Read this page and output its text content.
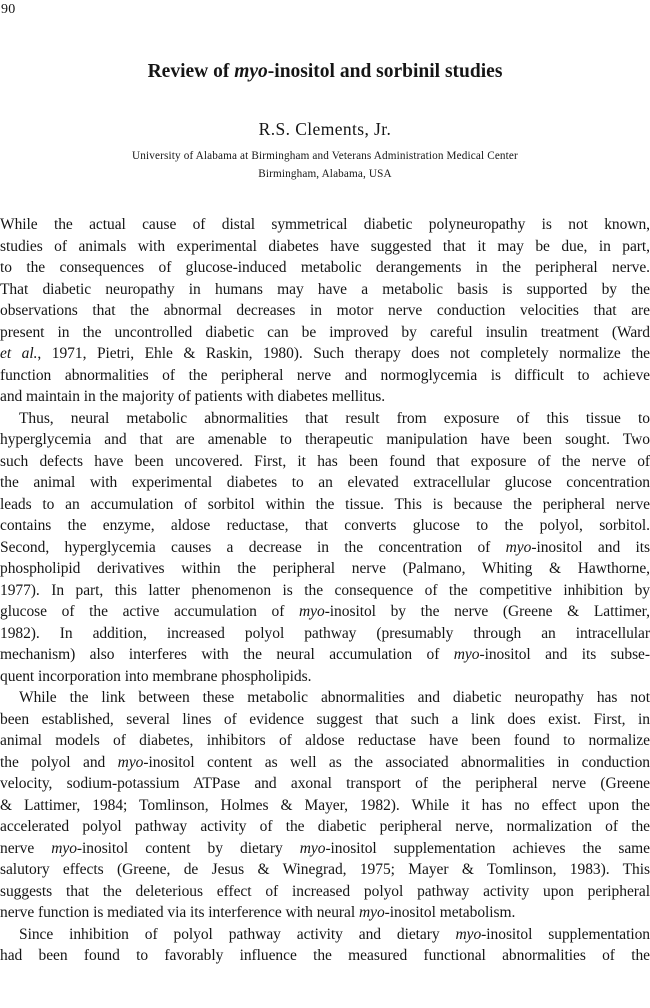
90
Review of myo-inositol and sorbinil studies
R.S. Clements, Jr.
University of Alabama at Birmingham and Veterans Administration Medical Center
Birmingham, Alabama, USA
While the actual cause of distal symmetrical diabetic polyneuropathy is not known,
studies of animals with experimental diabetes have suggested that it may be due, in part,
to the consequences of glucose-induced metabolic derangements in the peripheral nerve.
That diabetic neuropathy in humans may have a metabolic basis is supported by the
observations that the abnormal decreases in motor nerve conduction velocities that are
present in the uncontrolled diabetic can be improved by careful insulin treatment (Ward
et al., 1971, Pietri, Ehle & Raskin, 1980). Such therapy does not completely normalize the
function abnormalities of the peripheral nerve and normoglycemia is difficult to achieve
and maintain in the majority of patients with diabetes mellitus.
Thus, neural metabolic abnormalities that result from exposure of this tissue to
hyperglycemia and that are amenable to therapeutic manipulation have been sought. Two
such defects have been uncovered. First, it has been found that exposure of the nerve of
the animal with experimental diabetes to an elevated extracellular glucose concentration
leads to an accumulation of sorbitol within the tissue. This is because the peripheral nerve
contains the enzyme, aldose reductase, that converts glucose to the polyol, sorbitol.
Second, hyperglycemia causes a decrease in the concentration of myo-inositol and its
phospholipid derivatives within the peripheral nerve (Palmano, Whiting & Hawthorne,
1977). In part, this latter phenomenon is the consequence of the competitive inhibition by
glucose of the active accumulation of myo-inositol by the nerve (Greene & Lattimer,
1982). In addition, increased polyol pathway (presumably through an intracellular
mechanism) also interferes with the neural accumulation of myo-inositol and its subse-
quent incorporation into membrane phospholipids.
While the link between these metabolic abnormalities and diabetic neuropathy has not
been established, several lines of evidence suggest that such a link does exist. First, in
animal models of diabetes, inhibitors of aldose reductase have been found to normalize
the polyol and myo-inositol content as well as the associated abnormalities in conduction
velocity, sodium-potassium ATPase and axonal transport of the peripheral nerve (Greene
& Lattimer, 1984; Tomlinson, Holmes & Mayer, 1982). While it has no effect upon the
accelerated polyol pathway activity of the diabetic peripheral nerve, normalization of the
nerve myo-inositol content by dietary myo-inositol supplementation achieves the same
salutory effects (Greene, de Jesus & Winegrad, 1975; Mayer & Tomlinson, 1983). This
suggests that the deleterious effect of increased polyol pathway activity upon peripheral
nerve function is mediated via its interference with neural myo-inositol metabolism.
Since inhibition of polyol pathway activity and dietary myo-inositol supplementation
had been found to favorably influence the measured functional abnormalities of the
